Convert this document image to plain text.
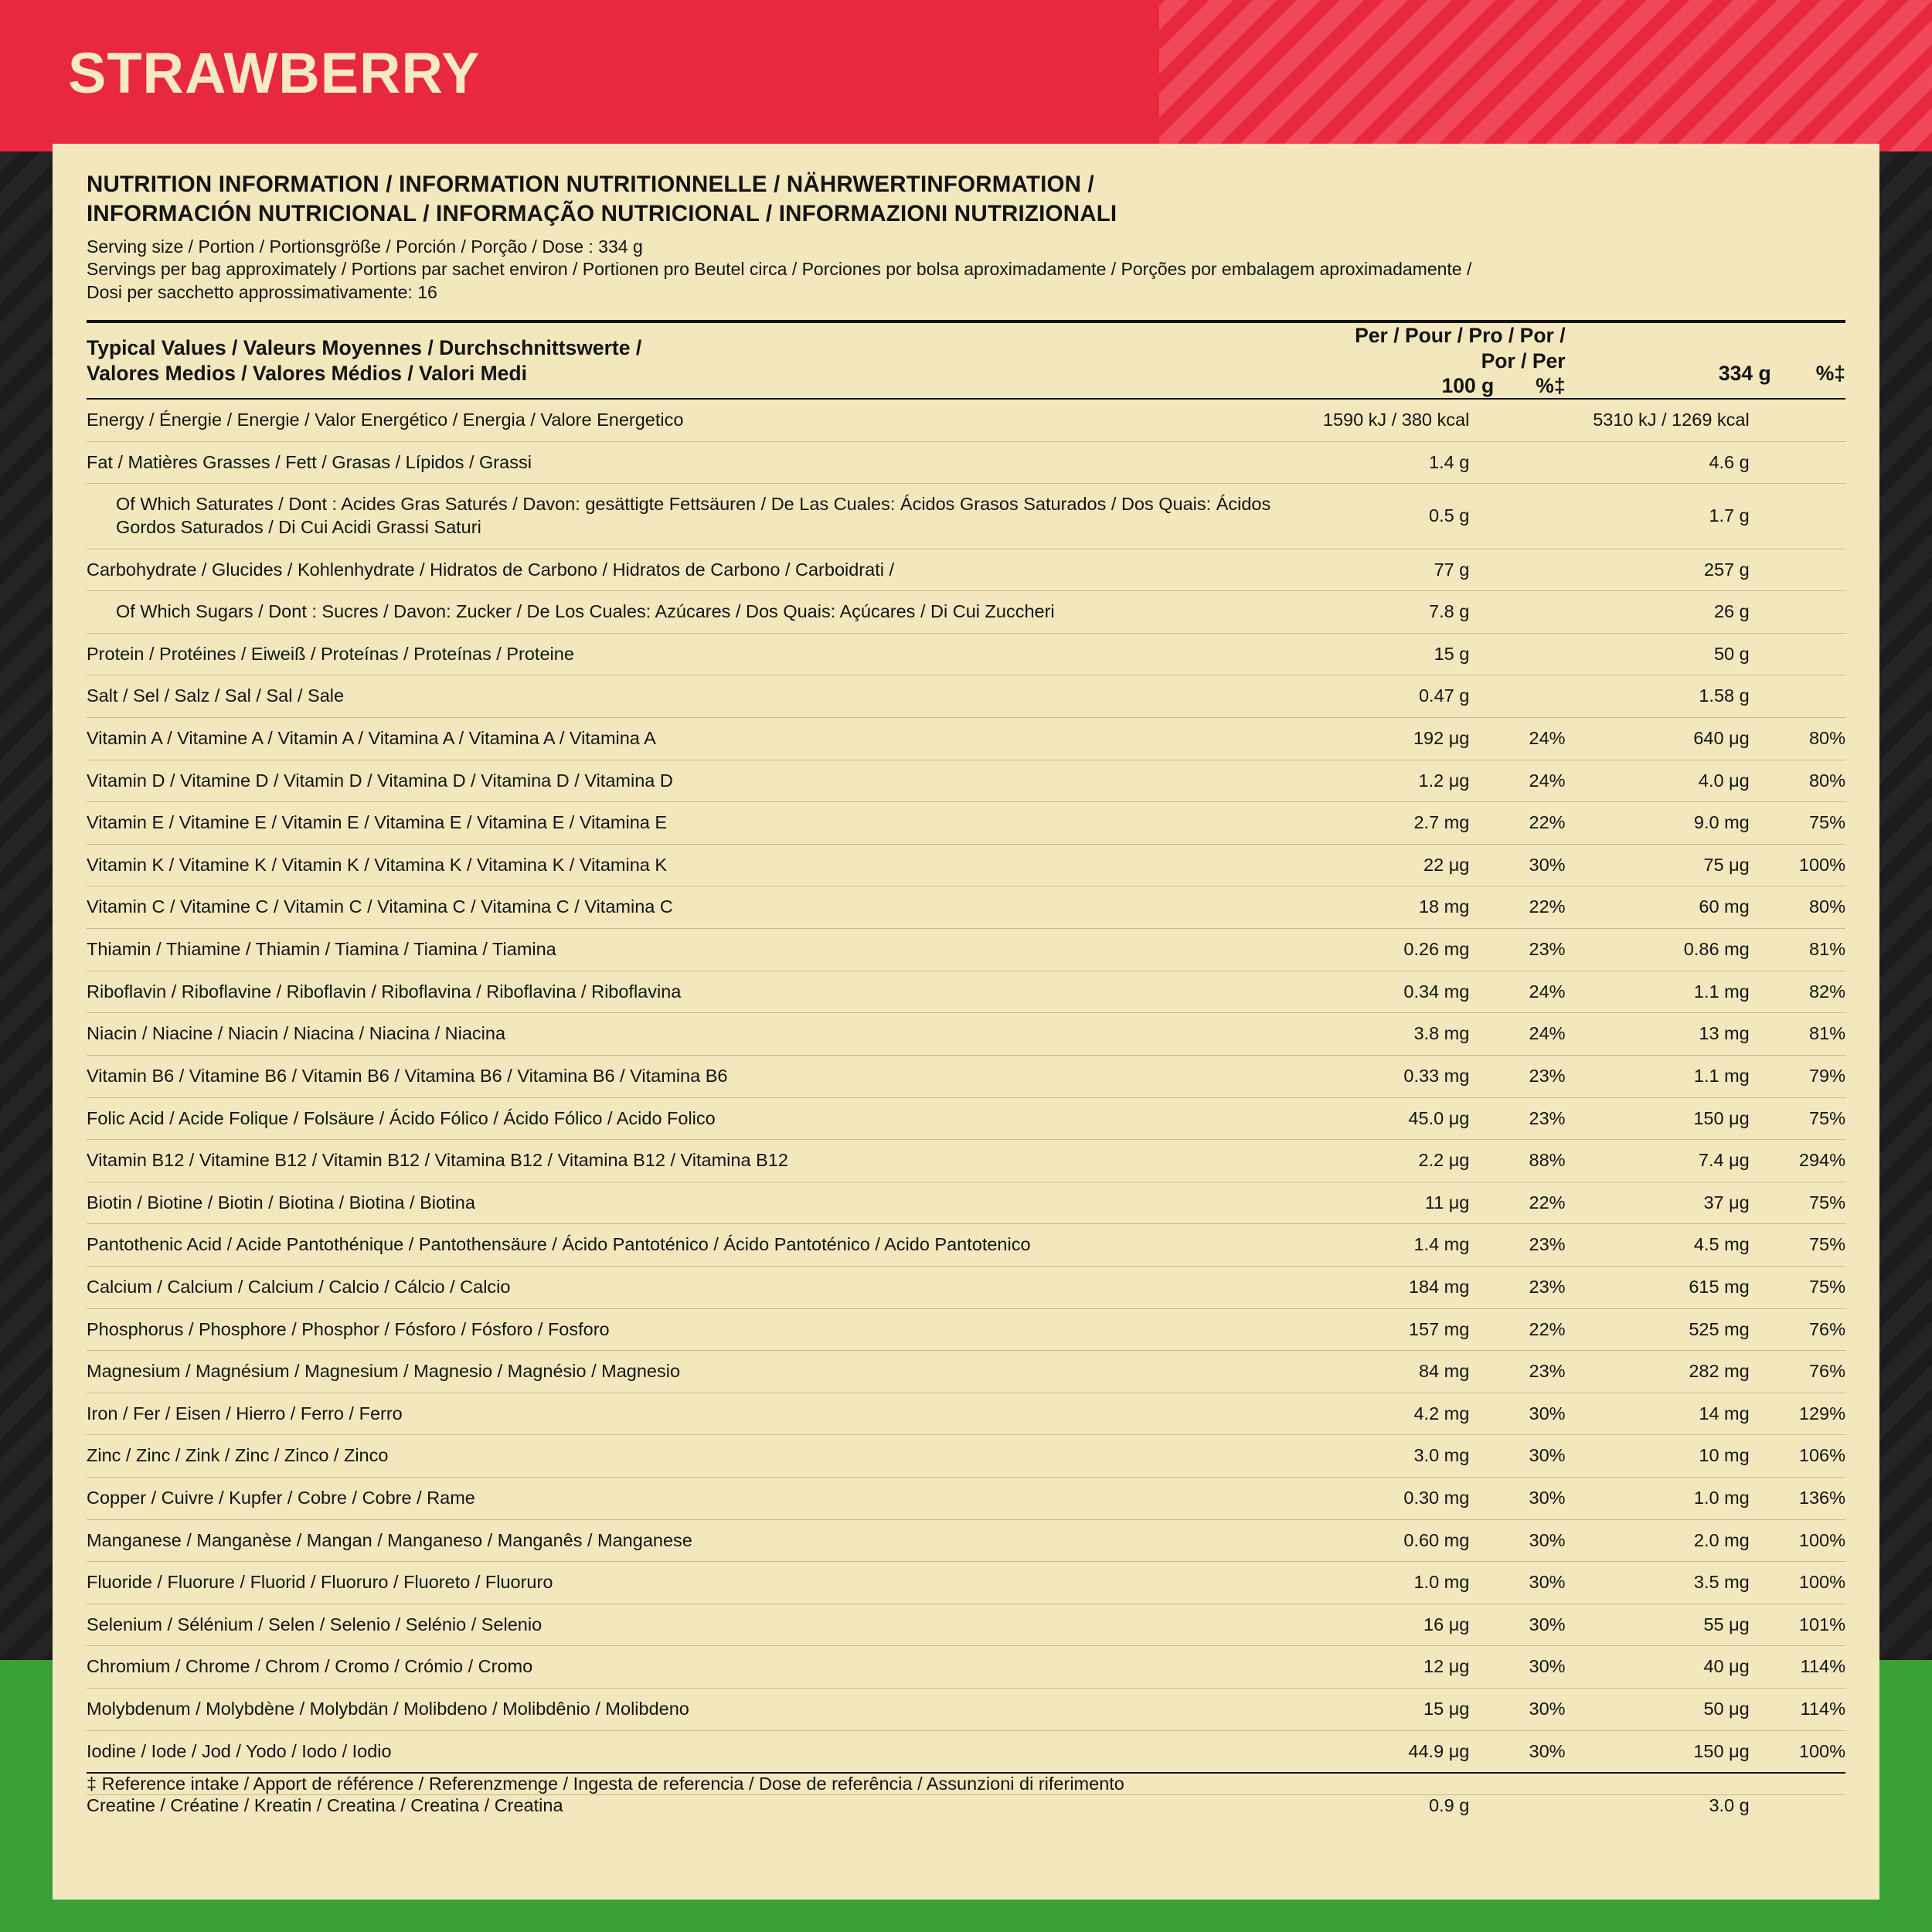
STRAWBERRY
NUTRITION INFORMATION / INFORMATION NUTRITIONNELLE / NÄHRWERTINFORMATION /
INFORMACIÓN NUTRICIONAL / INFORMAÇÃO NUTRICIONAL / INFORMAZIONI NUTRIZIONALI
Serving size / Portion / Portionsgröße / Porción / Porção / Dose : 334 g
Servings per bag approximately / Portions par sachet environ / Portionen pro Beutel circa / Porciones por bolsa aproximadamente / Porções por embalagem aproximadamente /
Dosi per sacchetto approssimativamente: 16
Typical Values / Valeurs Moyennes / Durchschnittswerte /
Valores Medios / Valores Médios / Valori Medi

Per / Pour / Pro / Por / Por / Per
100 g %‡

334 g %‡

Energy / Énergie / Energie / Valor Energético / Energia / Valore Energetico	1590 kJ / 380 kcal		5310 kJ / 1269 kcal	
Fat / Matières Grasses / Fett / Grasas / Lípidos / Grassi	1.4 g		4.6 g	
Of Which Saturates / Dont : Acides Gras Saturés / Davon: gesättigte Fettsäuren / De Las Cuales: Ácidos Grasos Saturados / Dos Quais: Ácidos Gordos Saturados / Di Cui Acidi Grassi Saturi	0.5 g		1.7 g	
Carbohydrate / Glucides / Kohlenhydrate / Hidratos de Carbono / Hidratos de Carbono / Carboidrati /	77 g		257 g	
Of Which Sugars / Dont : Sucres / Davon: Zucker / De Los Cuales: Azúcares / Dos Quais: Açúcares / Di Cui Zuccheri	7.8 g		26 g	
Protein / Protéines / Eiweiß / Proteínas / Proteínas / Proteine	15 g		50 g	
Salt / Sel / Salz / Sal / Sal / Sale	0.47 g		1.58 g	
Vitamin A / Vitamine A / Vitamin A / Vitamina A / Vitamina A / Vitamina A	192 μg	24%	640 μg	80%
Vitamin D / Vitamine D / Vitamin D / Vitamina D / Vitamina D / Vitamina D	1.2 μg	24%	4.0 μg	80%
Vitamin E / Vitamine E / Vitamin E / Vitamina E / Vitamina E / Vitamina E	2.7 mg	22%	9.0 mg	75%
Vitamin K / Vitamine K / Vitamin K / Vitamina K / Vitamina K / Vitamina K	22 μg	30%	75 μg	100%
Vitamin C / Vitamine C / Vitamin C / Vitamina C / Vitamina C / Vitamina C	18 mg	22%	60 mg	80%
Thiamin / Thiamine / Thiamin / Tiamina / Tiamina / Tiamina	0.26 mg	23%	0.86 mg	81%
Riboflavin / Riboflavine / Riboflavin / Riboflavina / Riboflavina / Riboflavina	0.34 mg	24%	1.1 mg	82%
Niacin / Niacine / Niacin / Niacina / Niacina / Niacina	3.8 mg	24%	13 mg	81%
Vitamin B6 / Vitamine B6 / Vitamin B6 / Vitamina B6 / Vitamina B6 / Vitamina B6	0.33 mg	23%	1.1 mg	79%
Folic Acid / Acide Folique / Folsäure / Ácido Fólico / Ácido Fólico / Acido Folico	45.0 μg	23%	150 μg	75%
Vitamin B12 / Vitamine B12 / Vitamin B12 / Vitamina B12 / Vitamina B12 / Vitamina B12	2.2 μg	88%	7.4 μg	294%
Biotin / Biotine / Biotin / Biotina / Biotina / Biotina	11 μg	22%	37 μg	75%
Pantothenic Acid / Acide Pantothénique / Pantothensäure / Ácido Pantoténico / Ácido Pantoténico / Acido Pantotenico	1.4 mg	23%	4.5 mg	75%
Calcium / Calcium / Calcium / Calcio / Cálcio / Calcio	184 mg	23%	615 mg	75%
Phosphorus / Phosphore / Phosphor / Fósforo / Fósforo / Fosforo	157 mg	22%	525 mg	76%
Magnesium / Magnésium / Magnesium / Magnesio / Magnésio / Magnesio	84 mg	23%	282 mg	76%
Iron / Fer / Eisen / Hierro / Ferro / Ferro	4.2 mg	30%	14 mg	129%
Zinc / Zinc / Zink / Zinc / Zinco / Zinco	3.0 mg	30%	10 mg	106%
Copper / Cuivre / Kupfer / Cobre / Cobre / Rame	0.30 mg	30%	1.0 mg	136%
Manganese / Manganèse / Mangan / Manganeso / Manganês / Manganese	0.60 mg	30%	2.0 mg	100%
Fluoride / Fluorure / Fluorid / Fluoruro / Fluoreto / Fluoruro	1.0 mg	30%	3.5 mg	100%
Selenium / Sélénium / Selen / Selenio / Selénio / Selenio	16 μg	30%	55 μg	101%
Chromium / Chrome / Chrom / Cromo / Crómio / Cromo	12 μg	30%	40 μg	114%
Molybdenum / Molybdène / Molybdän / Molibdeno / Molibdênio / Molibdeno	15 μg	30%	50 μg	114%
Iodine / Iode / Jod / Yodo / Iodo / Iodio	44.9 μg	30%	150 μg	100%
‡ Reference intake / Apport de référence / Referenzmenge / Ingesta de referencia / Dose de referência / Assunzioni di riferimento				
Creatine / Créatine / Kreatin / Creatina / Creatina / Creatina	0.9 g		3.0 g	
